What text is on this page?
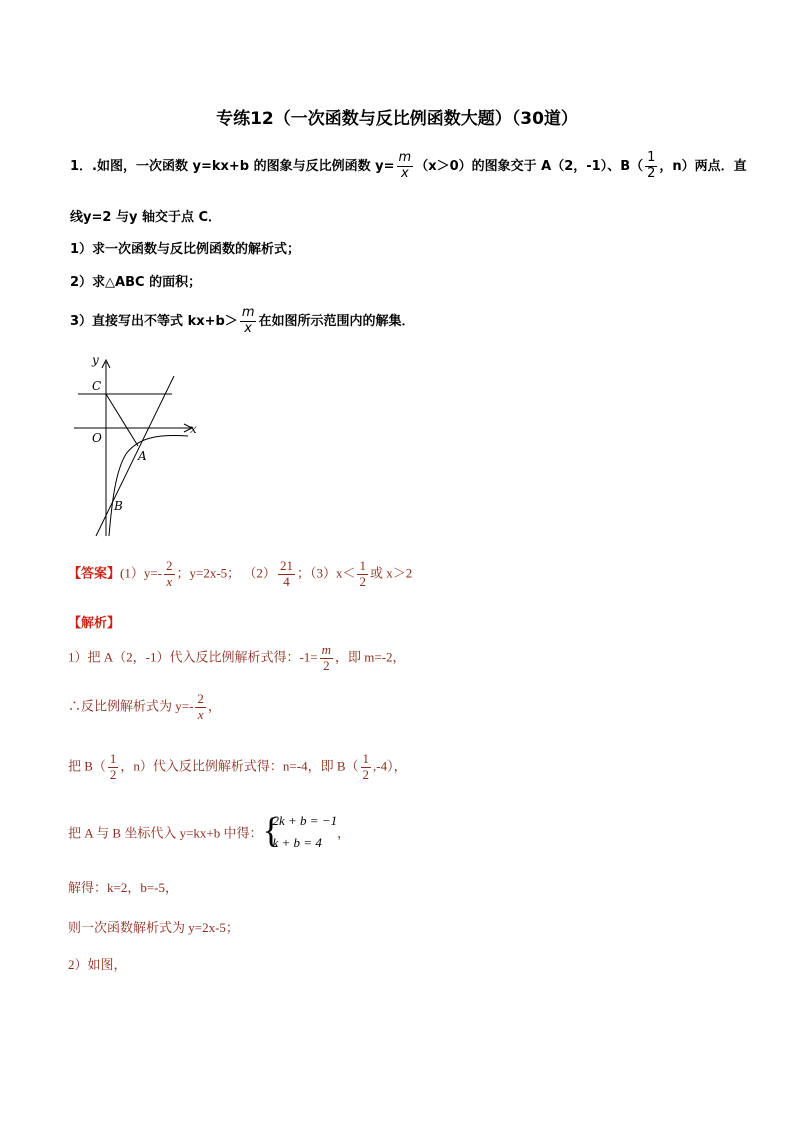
专练12（一次函数与反比例函数大题）（30道）
1．.如图，一次函数 y=kx+b 的图象与反比例函数 $y= \frac{m}{x} (x>0)$的图象交于 A（2，-1）、$B( \frac{1}{2}$ ，n）两点．直
线y=2 与y 轴交于点 C．
1）求一次函数与反比例函数的解析式；
2）求△ABC 的面积；
3）直接写出不等式 $kx+b> \frac{m}{x}$ 在如图所示范围内的解集．
y
x
C
O
A
B
【答案】$(1)y=- \frac{2}{x}$ ；y=2x-5； $(2) \frac{21}{4}$ ；$(3)x< \frac{1}{2}$ 或 x＞2
【解析】
1）把 A（2，-1）代入反比例解析式得：$-1= \frac{m}{2}$ ，即 m=-2，
∴反比例解析式为 $y=- \frac{2}{x}$ ，
把 $B( \frac{1}{2}$ ，n）代入反比例解析式得：n=-4，即 $B( \frac{1}{2} ,-4)$，
把 A 与 B 坐标代入 y=kx+b 中得： {
2k + b = −1
k + b = 4
，
解得：k=2，b=-5，
则一次函数解析式为 y=2x-5；
2）如图，
